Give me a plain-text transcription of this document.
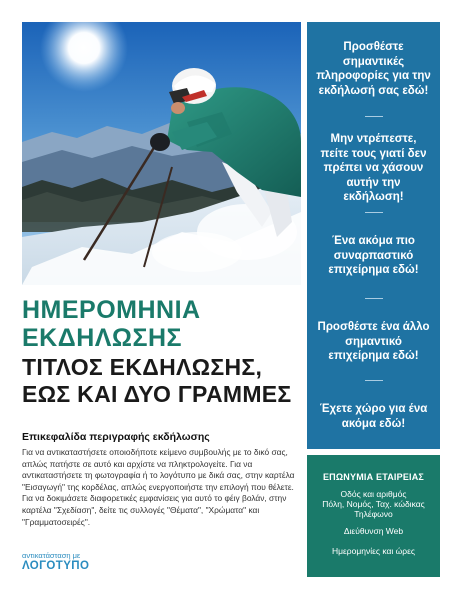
Προσθέστε σημαντικές πληροφορίες για την εκδήλωσή σας εδώ!
Μην ντρέπεστε, πείτε τους γιατί δεν πρέπει να χάσουν αυτήν την εκδήλωση!
Ένα ακόμα πιο συναρπαστικό επιχείρημα εδώ!
Προσθέστε ένα άλλο σημαντικό επιχείρημα εδώ!
Έχετε χώρο για ένα ακόμα εδώ!
ΕΠΩΝΥΜΙΑ ΕΤΑΙΡΕΙΑΣ
Οδός και αριθμός
Πόλη, Νομός, Ταχ. κώδικας
Τηλέφωνο
Διεύθυνση Web
Ημερομηνίες και ώρες
ΗΜΕΡΟΜΗΝΙΑ
ΕΚΔΗΛΩΣΗΣ
ΤΙΤΛΟΣ ΕΚΔΗΛΩΣΗΣ,
ΕΩΣ ΚΑΙ ΔΥΟ ΓΡΑΜΜΕΣ
Επικεφαλίδα περιγραφής εκδήλωσης
Για να αντικαταστήσετε οποιοδήποτε κείμενο συμβουλής με το δικό σας, απλώς πατήστε σε αυτό και αρχίστε να πληκτρολογείτε. Για να αντικαταστήσετε τη φωτογραφία ή το λογότυπο με δικά σας, στην καρτέλα "Εισαγωγή" της κορδέλας, απλώς ενεργοποιήστε την επιλογή που θέλετε. Για να δοκιμάσετε διαφορετικές εμφανίσεις για αυτό το φέιγ βολάν, στην καρτέλα "Σχεδίαση", δείτε τις συλλογές "Θέματα", "Χρώματα" και "Γραμματοσειρές".
αντικατάσταση με
ΛΟΓΟΤΥΠΟ
